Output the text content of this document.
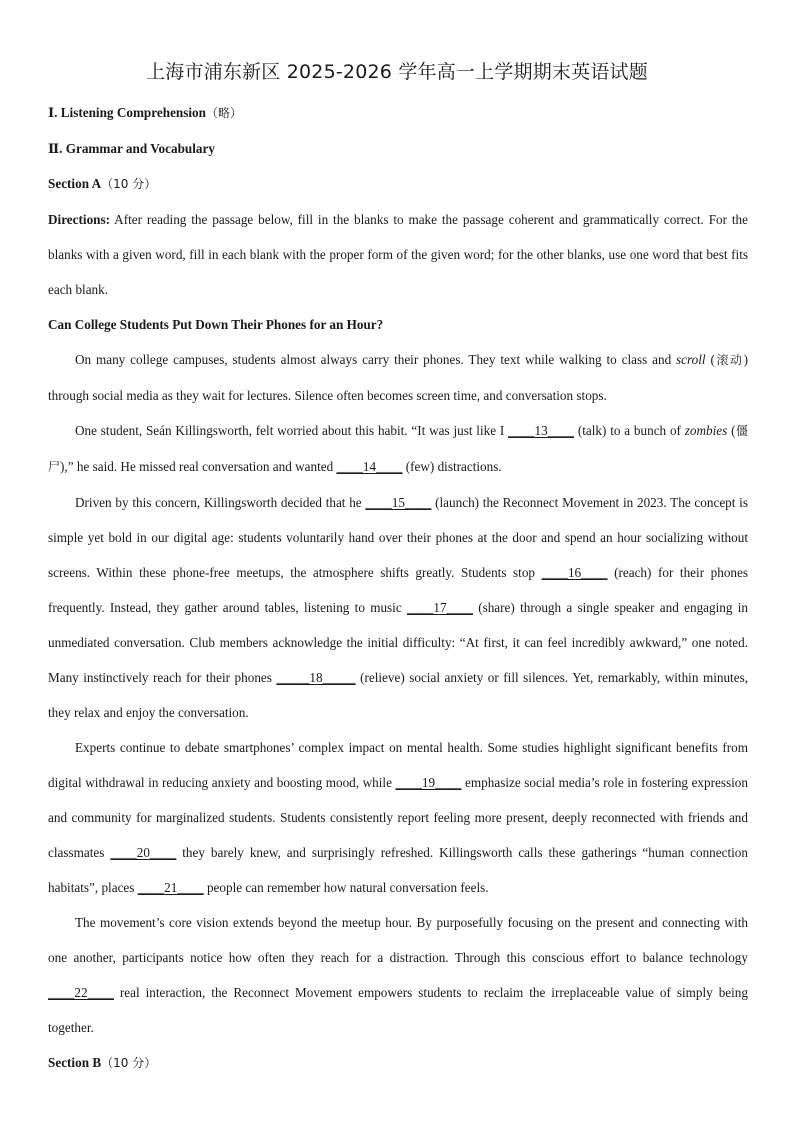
上海市浦东新区 2025-2026 学年高一上学期期末英语试题
Ⅰ. Listening Comprehension（略）
Ⅱ. Grammar and Vocabulary
Section A（10 分）
Directions: After reading the passage below, fill in the blanks to make the passage coherent and grammatically correct. For the blanks with a given word, fill in each blank with the proper form of the given word; for the other blanks, use one word that best fits each blank.
Can College Students Put Down Their Phones for an Hour?
On many college campuses, students almost always carry their phones. They text while walking to class and scroll (滚动) through social media as they wait for lectures. Silence often becomes screen time, and conversation stops.
One student, Seán Killingsworth, felt worried about this habit. “It was just like I ____13____ (talk) to a bunch of zombies (僵尸),” he said. He missed real conversation and wanted ____14____ (few) distractions.
Driven by this concern, Killingsworth decided that he ____15____ (launch) the Reconnect Movement in 2023. The concept is simple yet bold in our digital age: students voluntarily hand over their phones at the door and spend an hour socializing without screens. Within these phone-free meetups, the atmosphere shifts greatly. Students stop ____16____ (reach) for their phones frequently. Instead, they gather around tables, listening to music ____17____ (share) through a single speaker and engaging in unmediated conversation. Club members acknowledge the initial difficulty: “At first, it can feel incredibly awkward,” one noted. Many instinctively reach for their phones _____18_____ (relieve) social anxiety or fill silences. Yet, remarkably, within minutes, they relax and enjoy the conversation.
Experts continue to debate smartphones’ complex impact on mental health. Some studies highlight significant benefits from digital withdrawal in reducing anxiety and boosting mood, while ____19____ emphasize social media’s role in fostering expression and community for marginalized students. Students consistently report feeling more present, deeply reconnected with friends and classmates ____20____ they barely knew, and surprisingly refreshed. Killingsworth calls these gatherings “human connection habitats”, places ____21____ people can remember how natural conversation feels.
The movement’s core vision extends beyond the meetup hour. By purposefully focusing on the present and connecting with one another, participants notice how often they reach for a distraction. Through this conscious effort to balance technology ____22____ real interaction, the Reconnect Movement empowers students to reclaim the irreplaceable value of simply being together.
Section B（10 分）
